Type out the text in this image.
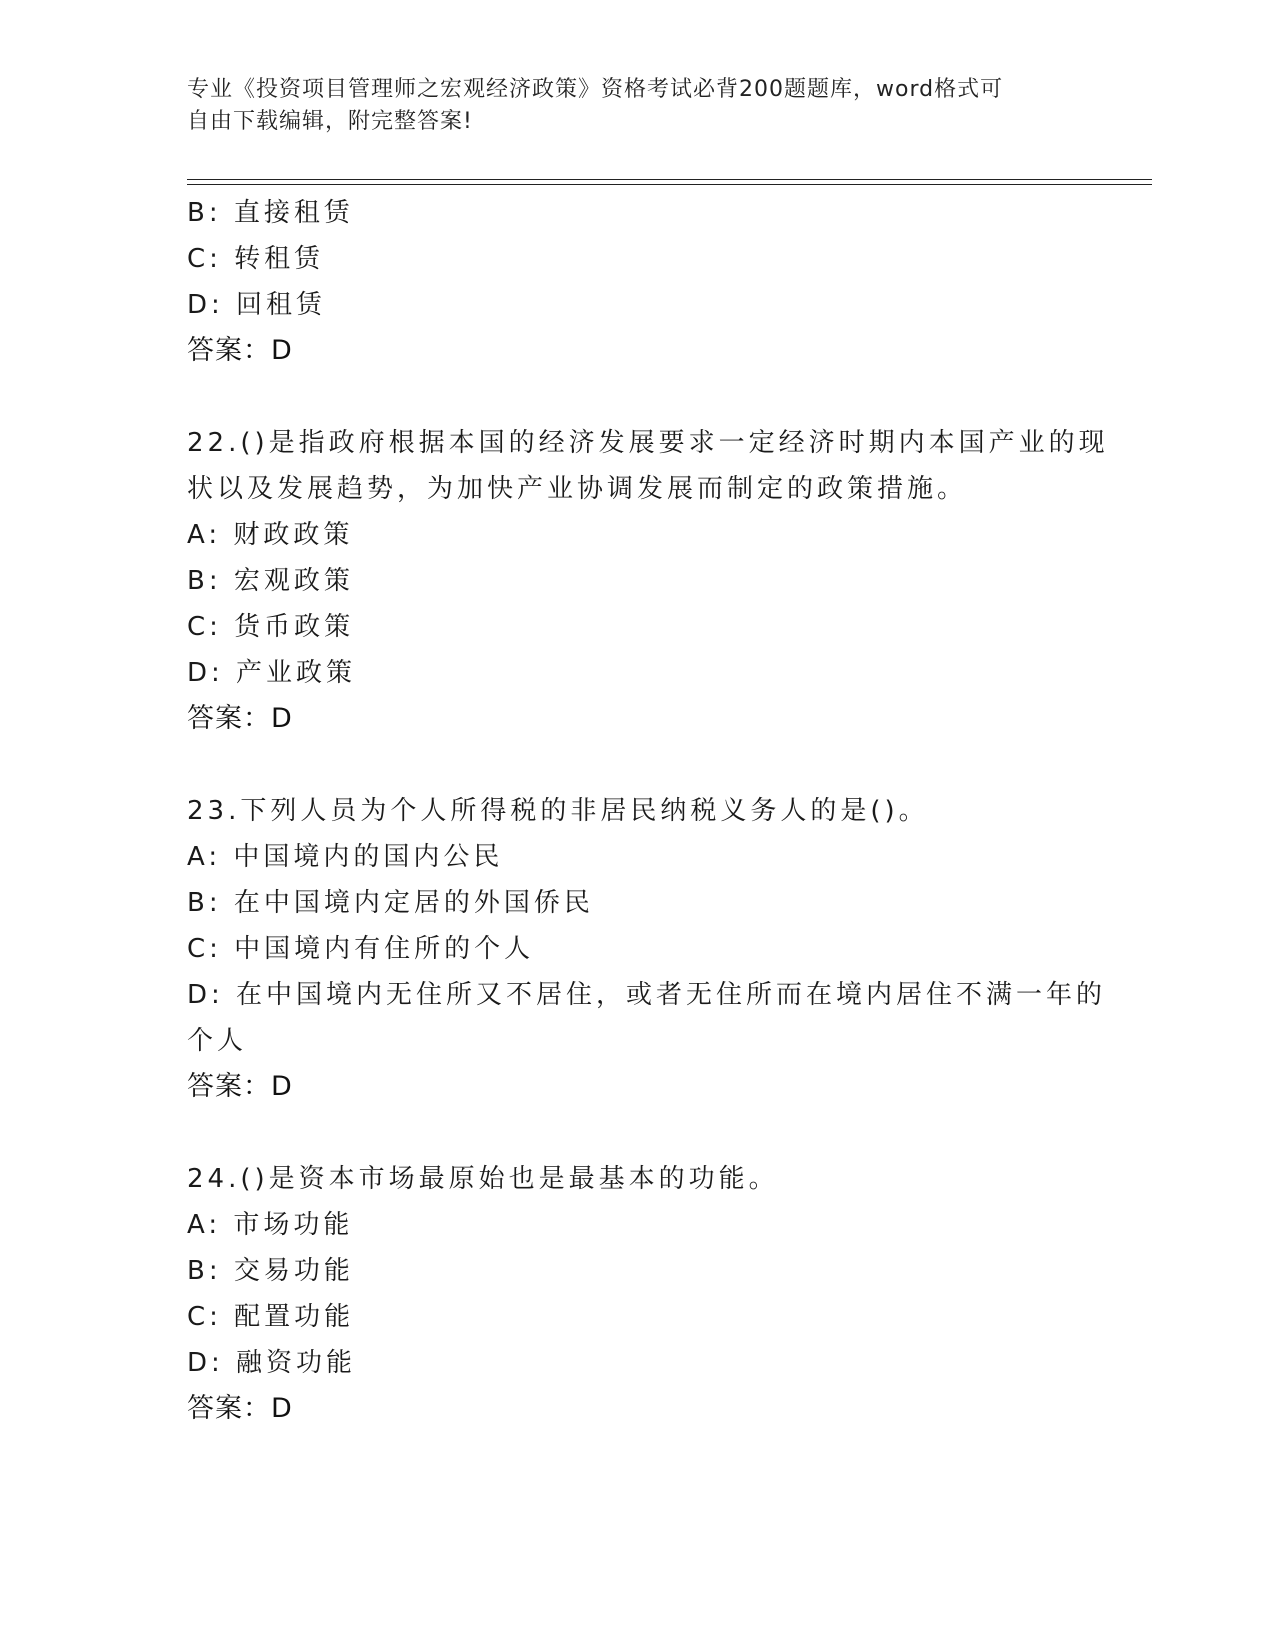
专业《投资项目管理师之宏观经济政策》资格考试必背200题题库，word格式可
自由下载编辑，附完整答案!
B: 直接租赁
C: 转租赁
D: 回租赁
答案：D
22.()是指政府根据本国的经济发展要求一定经济时期内本国产业的现
状以及发展趋势，为加快产业协调发展而制定的政策措施。
A: 财政政策
B: 宏观政策
C: 货币政策
D: 产业政策
答案：D
23.下列人员为个人所得税的非居民纳税义务人的是()。
A: 中国境内的国内公民
B: 在中国境内定居的外国侨民
C: 中国境内有住所的个人
D: 在中国境内无住所又不居住，或者无住所而在境内居住不满一年的
个人
答案：D
24.()是资本市场最原始也是最基本的功能。
A: 市场功能
B: 交易功能
C: 配置功能
D: 融资功能
答案：D
